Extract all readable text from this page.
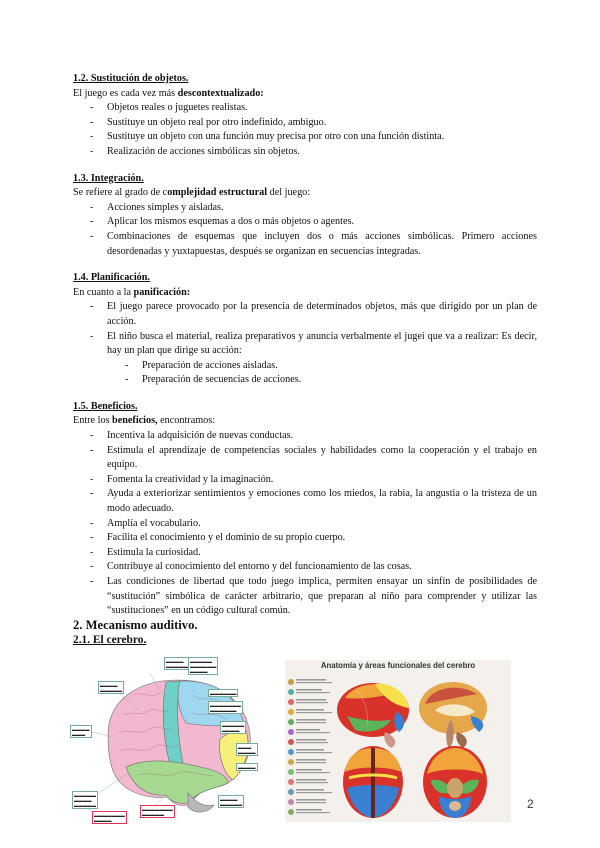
1.2. Sustitución de objetos.
El juego es cada vez más descontextualizado:
- Objetos reales o juguetes realistas.
- Sustituye un objeto real por otro indefinido, ambiguo.
- Sustituye un objeto con una función muy precisa por otro con una función distinta.
- Realización de acciones simbólicas sin objetos.
1.3. Integración.
Se refiere al grado de complejidad estructural del juego:
- Acciones simples y aisladas.
- Aplicar los mismos esquemas a dos o más objetos o agentes.
- Combinaciones de esquemas que incluyen dos o más acciones simbólicas. Primero acciones desordenadas y yuxtapuestas, después se organizan en secuencias integradas.
1.4. Planificación.
En cuanto a la panificación:
- El juego parece provocado por la presencia de determinados objetos, más que dirigido por un plan de acción.
- El niño busca el material, realiza preparativos y anuncia verbalmente el jugei que va a realizar: Es decir, hay un plan que dirige su acción:
- Preparación de acciones aisladas.
- Preparación de secuencias de acciones.
1.5. Beneficios.
Entre los beneficios, encontramos:
- Incentiva la adquisición de nuevas conductas.
- Estimula el aprendizaje de competencias sociales y habilidades como la cooperación y el trabajo en equipo.
- Fomenta la creatividad y la imaginación.
- Ayuda a exteriorizar sentimientos y emociones como los miedos, la rabia, la angustia o la tristeza de un modo adecuado.
- Amplía el vocabulario.
- Facilita el conocimiento y el dominio de su propio cuerpo.
- Estimula la curiosidad.
- Contribuye al conocimiento del entorno y del funcionamiento de las cosas.
- Las condiciones de libertad que todo juego implica, permiten ensayar un sinfín de posibilidades de “sustitución” simbólica de carácter arbitrario, que preparan al niño para comprender y utilizar las “sustituciones” en un código cultural común.
2. Mecanismo auditivo.
2.1. El cerebro.
▬▬▬▬
▬▬▬▬▬
▬▬▬▬▬
▬▬▬▬▬▬
▬▬▬▬
▬▬▬▬
▬▬▬▬▬
▬▬▬▬▬▬
▬▬▬▬▬▬▬
▬▬▬▬▬▬
▬▬▬▬▬
▬▬▬▬
▬▬▬
▬▬▬▬
▬▬▬▬
▬▬▬▬
▬▬▬
▬▬▬▬▬
▬▬▬▬
▬▬▬▬▬
▬▬▬▬▬▬▬
▬▬▬▬
▬▬▬▬▬▬▬
▬▬▬▬▬
▬▬▬▬
▬▬▬▬▬
Anatomía y áreas funcionales del cerebro
2
